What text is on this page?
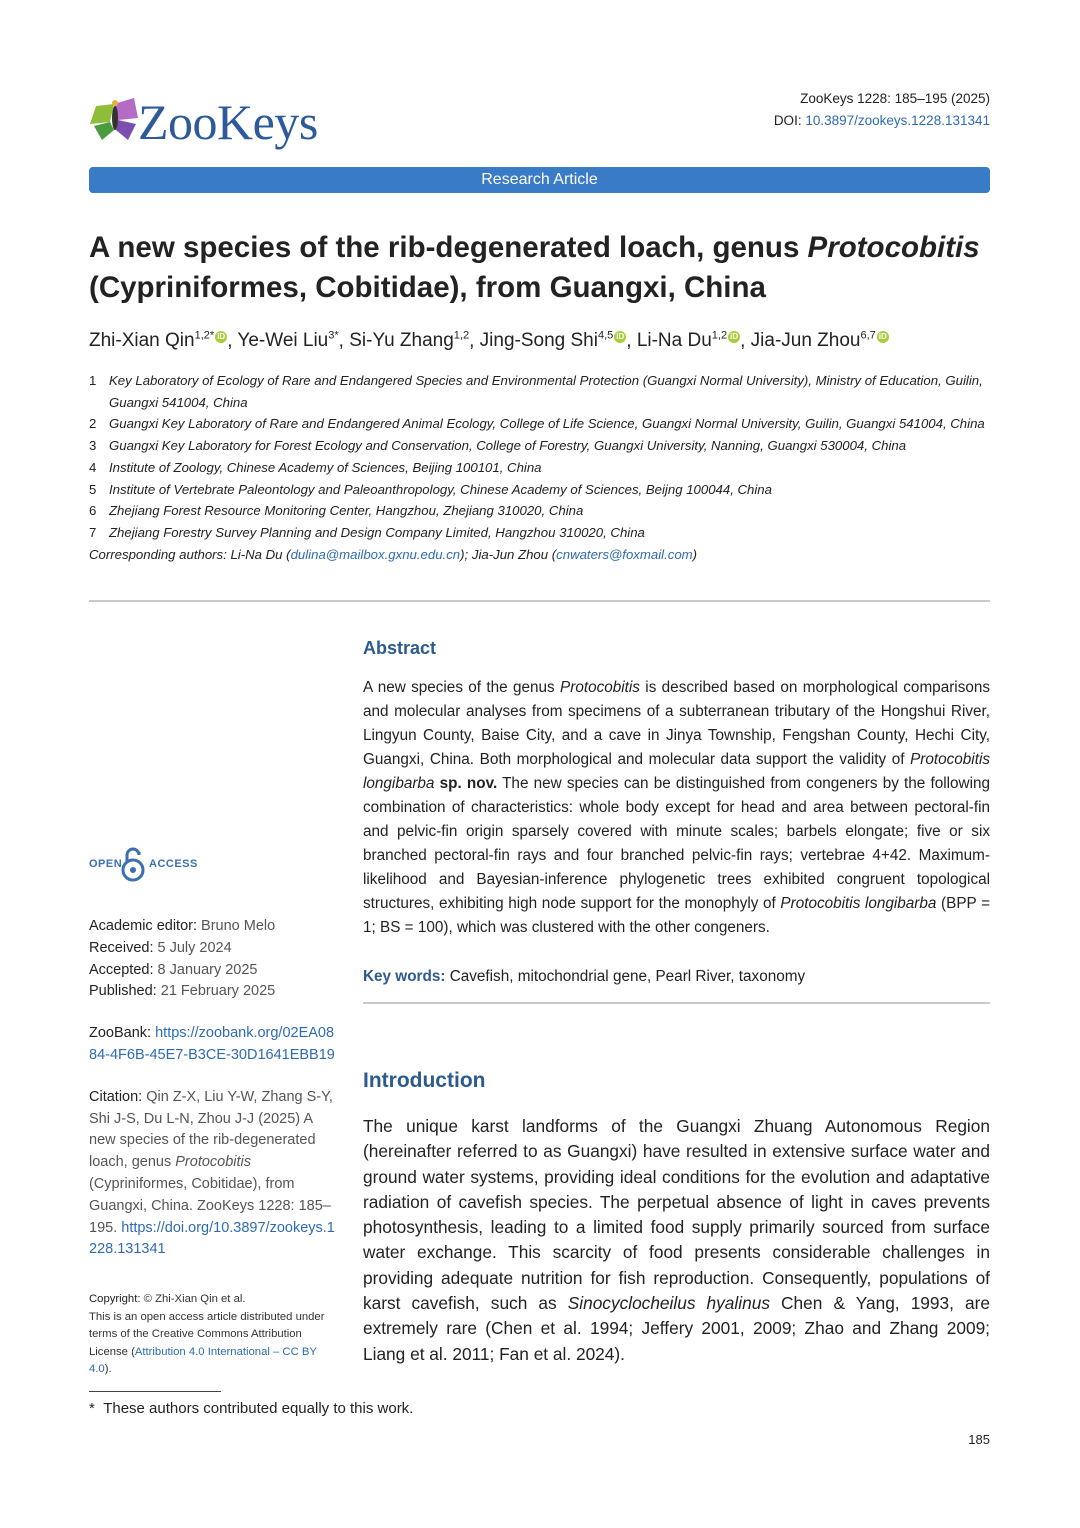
ZooKeys	ZooKeys 1228: 185–195 (2025)
DOI: 10.3897/zookeys.1228.131341
Research Article
A new species of the rib-degenerated loach, genus Protocobitis
(Cypriniformes, Cobitidae), from Guangxi, China
Zhi-Xian Qin$^{1,2*}$ iD , Ye-Wei Liu$^{3*}$, Si-Yu Zhang$^{1,2}$, Jing-Song Shi$^{4,5}$ iD , Li-Na Du$^{1,2}$ iD , Jia-Jun Zhou$^{6,7}$ iD
1 Key Laboratory of Ecology of Rare and Endangered Species and Environmental Protection (Guangxi Normal University), Ministry of Education, Guilin, Guangxi 541004, China
2 Guangxi Key Laboratory of Rare and Endangered Animal Ecology, College of Life Science, Guangxi Normal University, Guilin, Guangxi 541004, China
3 Guangxi Key Laboratory for Forest Ecology and Conservation, College of Forestry, Guangxi University, Nanning, Guangxi 530004, China
4 Institute of Zoology, Chinese Academy of Sciences, Beijing 100101, China
5 Institute of Vertebrate Paleontology and Paleoanthropology, Chinese Academy of Sciences, Beijng 100044, China
6 Zhejiang Forest Resource Monitoring Center, Hangzhou, Zhejiang 310020, China
7 Zhejiang Forestry Survey Planning and Design Company Limited, Hangzhou 310020, China
Corresponding authors: Li-Na Du (dulina@mailbox.gxnu.edu.cn); Jia-Jun Zhou (cnwaters@foxmail.com)
OPEN ACCESS
Academic editor: Bruno Melo
Received: 5 July 2024
Accepted: 8 January 2025
Published: 21 February 2025
ZooBank: https://zoobank.org/02EA0884-4F6B-45E7-B3CE-30D1641EBB19
Citation: Qin Z-X, Liu Y-W, Zhang S-Y, Shi J-S, Du L-N, Zhou J-J (2025) A new species of the rib-degenerated loach, genus Protocobitis (Cypriniformes, Cobitidae), from Guangxi, China. ZooKeys 1228: 185–195. https://doi.org/10.3897/zookeys.1228.131341
Copyright: © Zhi-Xian Qin et al.
This is an open access article distributed under terms of the Creative Commons Attribution License (Attribution 4.0 International – CC BY 4.0).
Abstract
A new species of the genus Protocobitis is described based on morphological comparisons and molecular analyses from specimens of a subterranean tributary of the Hongshui River, Lingyun County, Baise City, and a cave in Jinya Township, Fengshan County, Hechi City, Guangxi, China. Both morphological and molecular data support the validity of Protocobitis longibarba sp. nov. The new species can be distinguished from congeners by the following combination of characteristics: whole body except for head and area between pectoral-fin and pelvic-fin origin sparsely covered with minute scales; barbels elongate; five or six branched pectoral-fin rays and four branched pelvic-fin rays; vertebrae 4+42. Maximum-likelihood and Bayesian-inference phylogenetic trees exhibited congruent topological structures, exhibiting high node support for the monophyly of Protocobitis longibarba (BPP = 1; BS = 100), which was clustered with the other congeners.
Key words: Cavefish, mitochondrial gene, Pearl River, taxonomy
Introduction
The unique karst landforms of the Guangxi Zhuang Autonomous Region (hereinafter referred to as Guangxi) have resulted in extensive surface water and ground water systems, providing ideal conditions for the evolution and adaptative radiation of cavefish species. The perpetual absence of light in caves prevents photosynthesis, leading to a limited food supply primarily sourced from surface water exchange. This scarcity of food presents considerable challenges in providing adequate nutrition for fish reproduction. Consequently, populations of karst cavefish, such as Sinocyclocheilus hyalinus Chen & Yang, 1993, are extremely rare (Chen et al. 1994; Jeffery 2001, 2009; Zhao and Zhang 2009; Liang et al. 2011; Fan et al. 2024).
* These authors contributed equally to this work.
185
